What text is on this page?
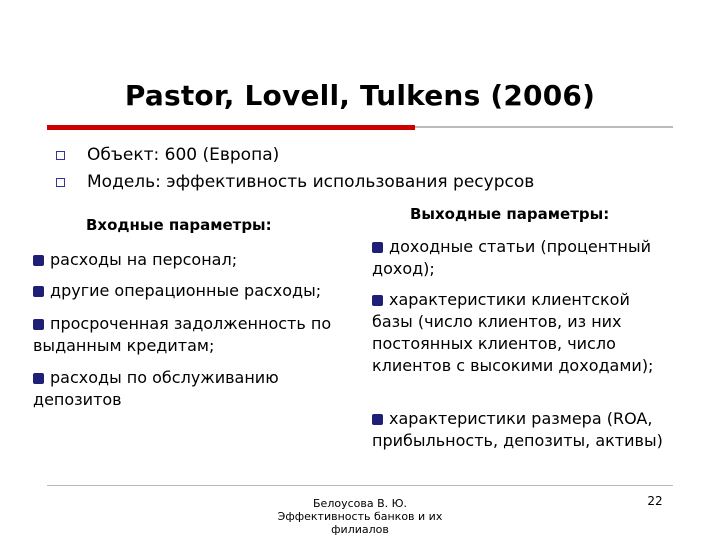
Pastor, Lovell, Tulkens (2006)
Объект: 600 (Европа)
Модель: эффективность использования ресурсов
Входные параметры:
расходы на персонал;
другие операционные расходы;
просроченная задолженность по выданным кредитам;
расходы по обслуживанию депозитов
Выходные параметры:
доходные статьи (процентный доход);
характеристики клиентской базы (число клиентов, из них постоянных клиентов, число клиентов с высокими доходами);
характеристики размера (ROA, прибыльность, депозиты, активы)
Белоусова В. Ю.
Эффективность банков и их филиалов
22
